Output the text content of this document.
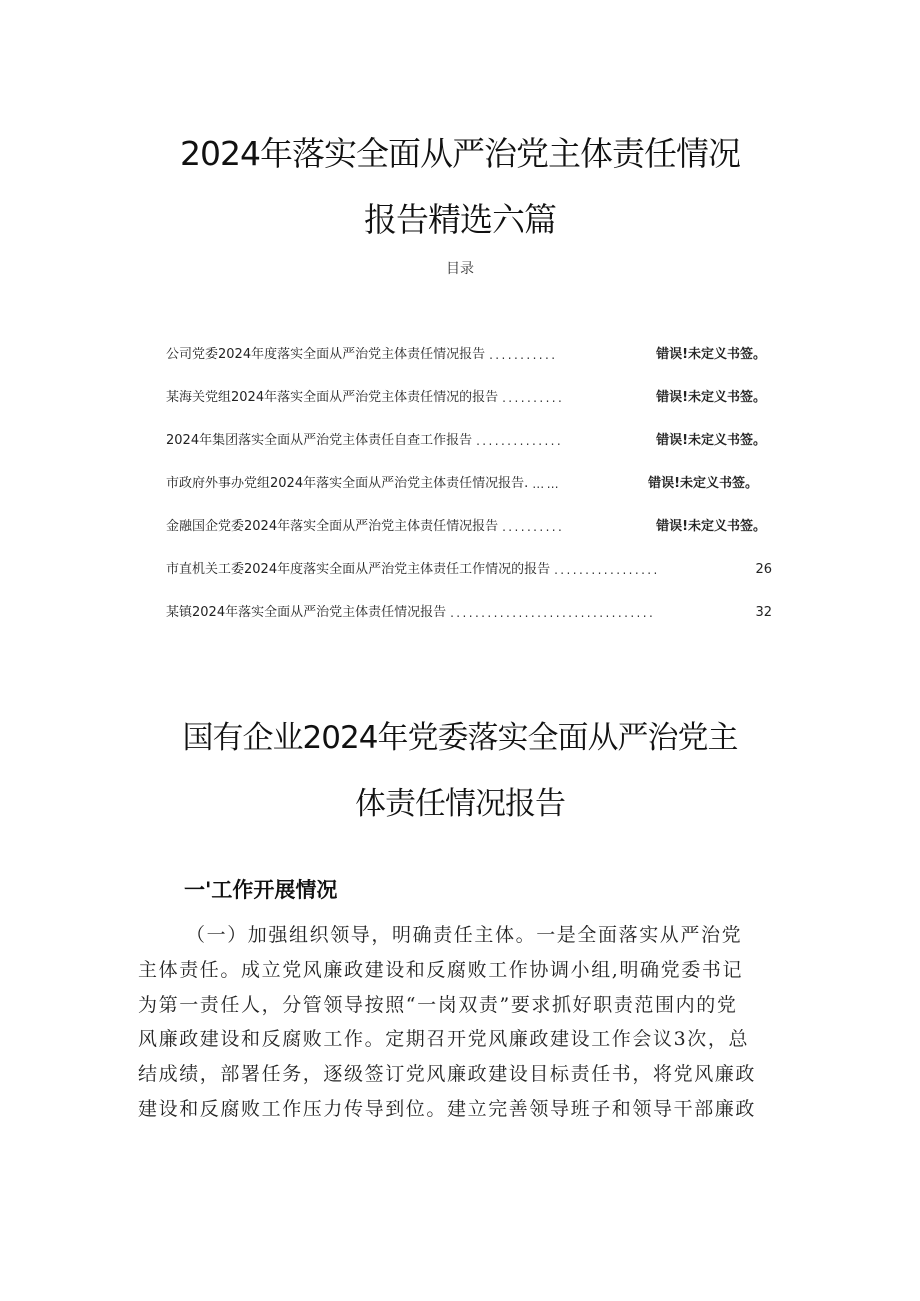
2024年落实全面从严治党主体责任情况
报告精选六篇
目录
公司党委2024年度落实全面从严治党主体责任情况报告 ...........	错误!未定义书签。
某海关党组2024年落实全面从严治党主体责任情况的报告 ..........	错误!未定义书签。
2024年集团落实全面从严治党主体责任自查工作报告 ..............	错误!未定义书签。
市政府外事办党组2024年落实全面从严治党主体责任情况报告. ……	错误!未定义书签。
金融国企党委2024年落实全面从严治党主体责任情况报告 ..........	错误!未定义书签。
市直机关工委2024年度落实全面从严治党主体责任工作情况的报告 .................	26
某镇2024年落实全面从严治党主体责任情况报告 .................................	32
国有企业2024年党委落实全面从严治党主
体责任情况报告
一'工作开展情况

（一）加强组织领导，明确责任主体。一是全面落实从严治党
主体责任。成立党风廉政建设和反腐败工作协调小组,明确党委书记
为第一责任人，分管领导按照“一岗双责”要求抓好职责范围内的党
风廉政建设和反腐败工作。定期召开党风廉政建设工作会议3次，总
结成绩，部署任务，逐级签订党风廉政建设目标责任书，将党风廉政
建设和反腐败工作压力传导到位。建立完善领导班子和领导干部廉政
